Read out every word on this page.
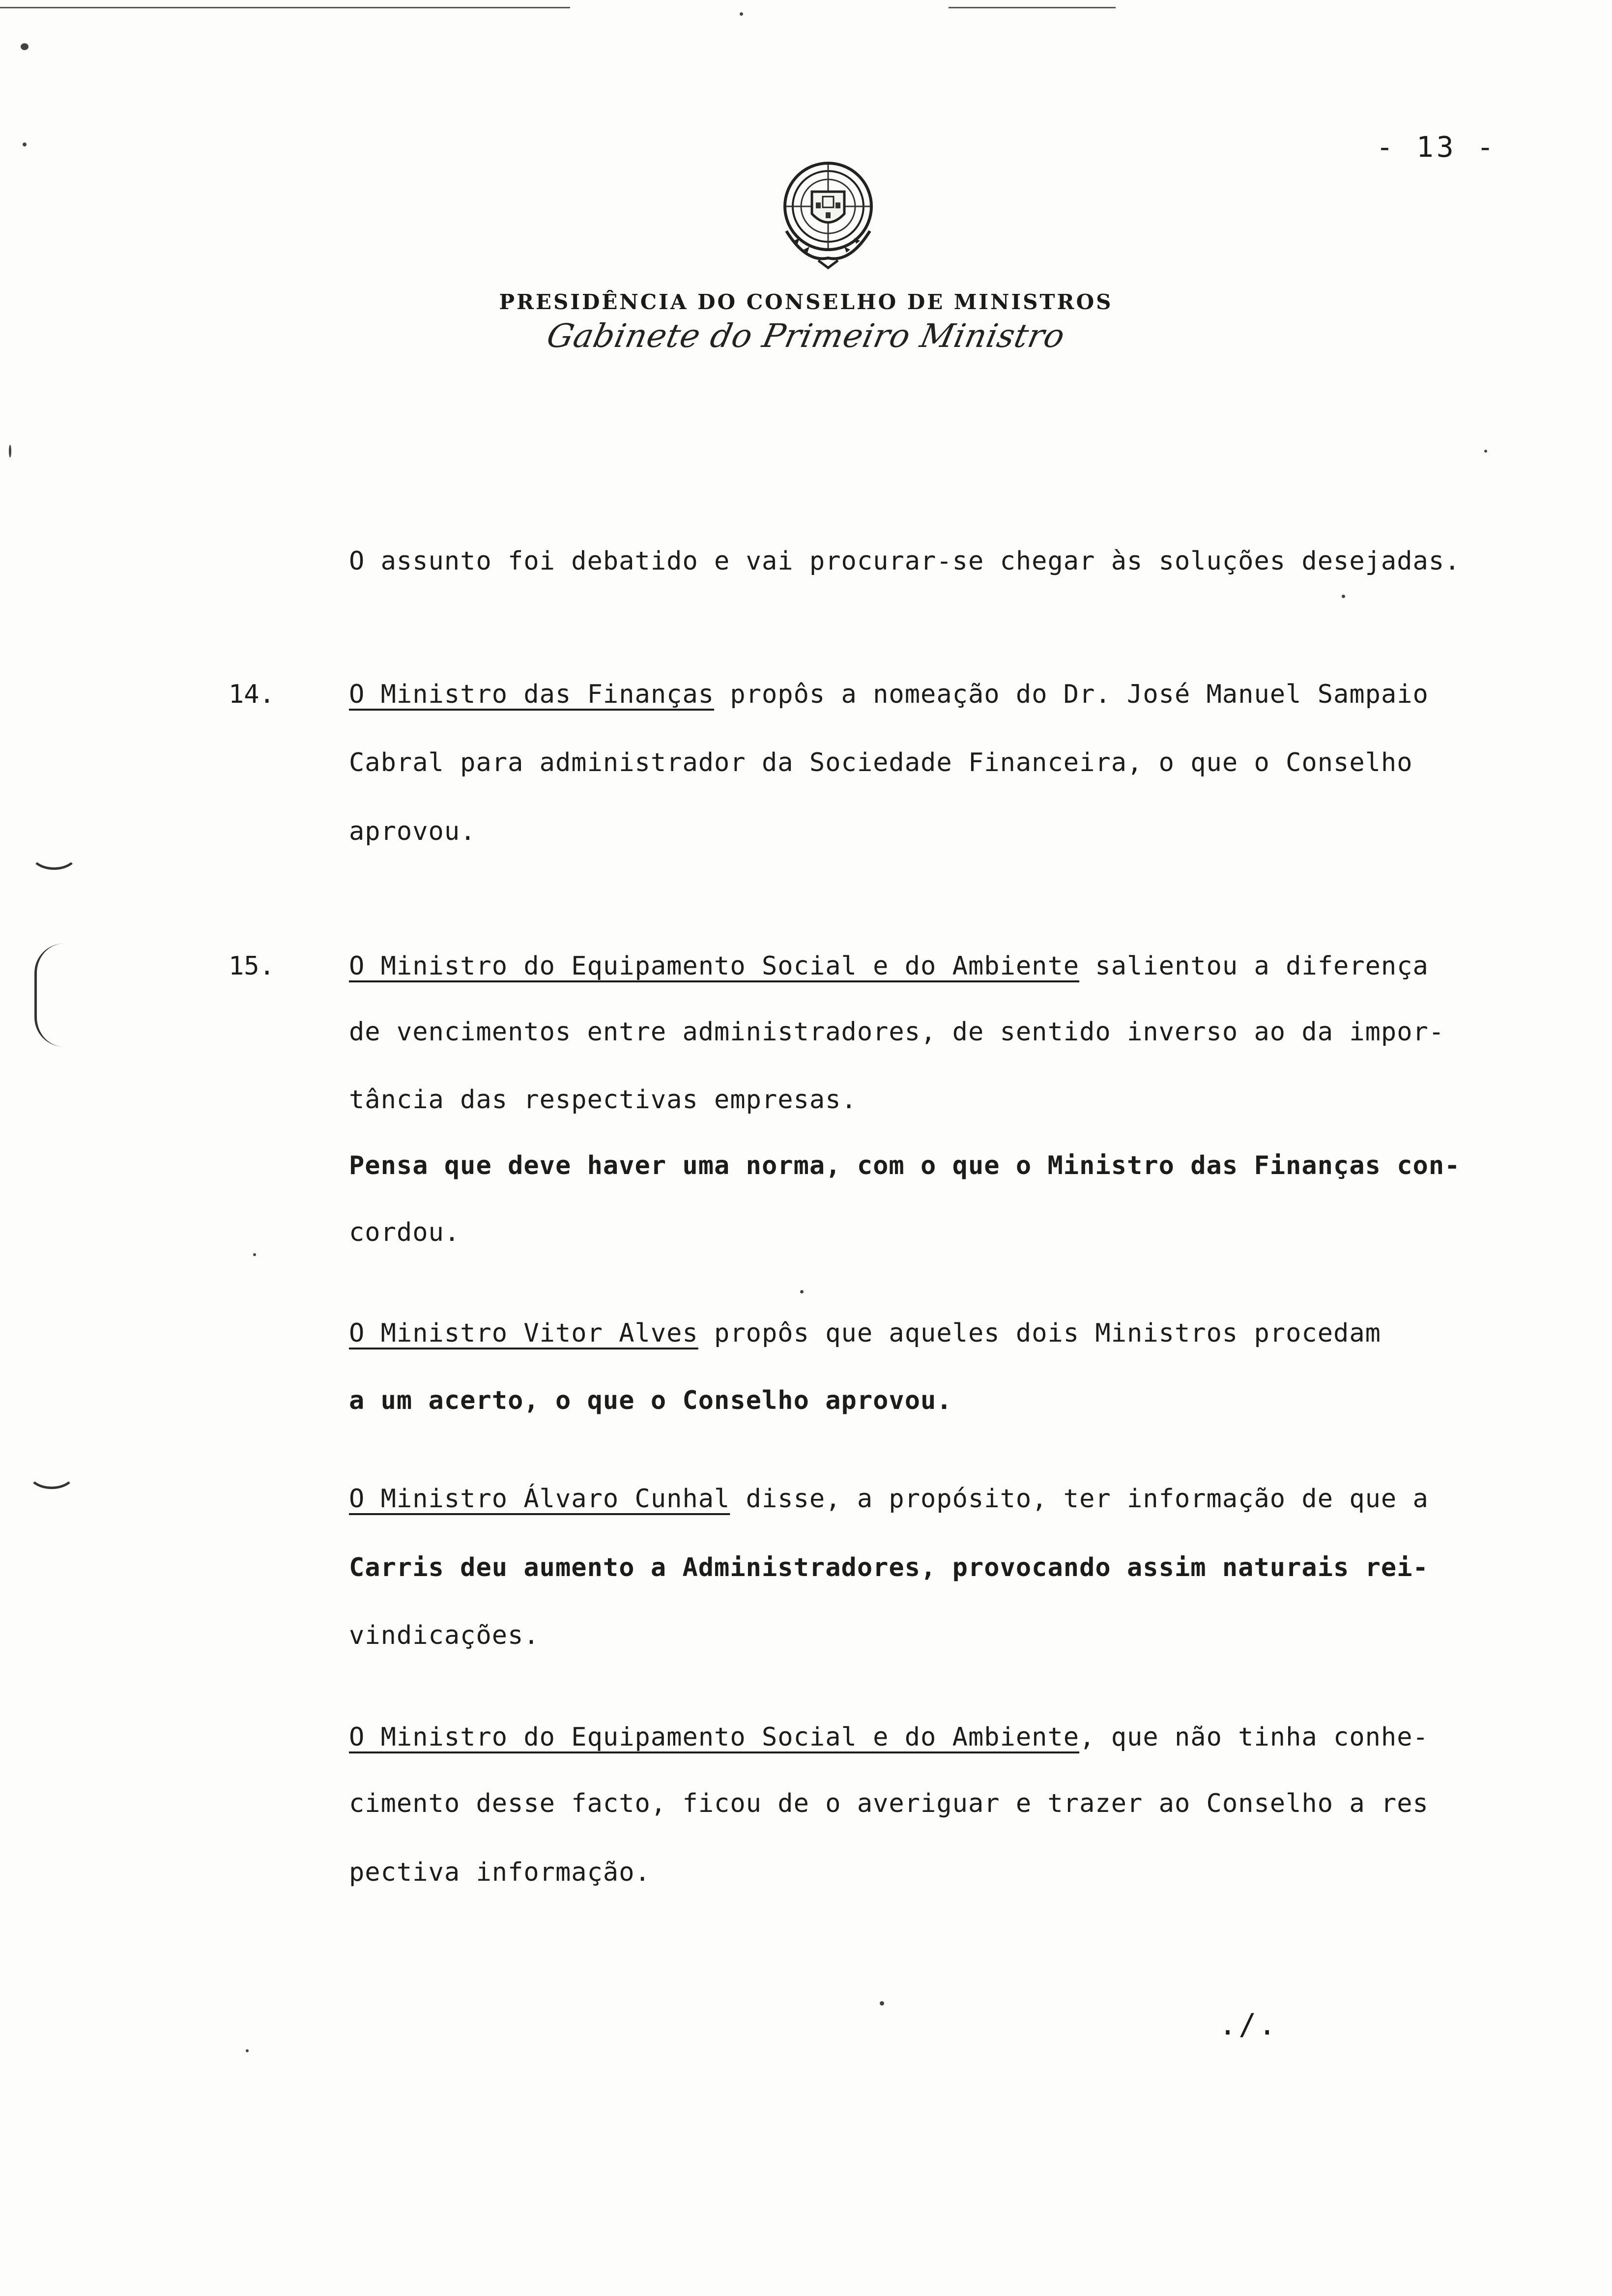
- 13 -
PRESIDÊNCIA DO CONSELHO DE MINISTROS
Gabinete do Primeiro Ministro
O assunto foi debatido e vai procurar-se chegar às soluções desejadas.
14.	O Ministro das Finanças propôs a nomeação do Dr. José Manuel Sampaio
Cabral para administrador da Sociedade Financeira, o que o Conselho
aprovou.
15.	O Ministro do Equipamento Social e do Ambiente salientou a diferença
de vencimentos entre administradores, de sentido inverso ao da impor-
tância das respectivas empresas.
Pensa que deve haver uma norma, com o que o Ministro das Finanças con-
cordou.
O Ministro Vitor Alves propôs que aqueles dois Ministros procedam
a um acerto, o que o Conselho aprovou.
O Ministro Álvaro Cunhal disse, a propósito, ter informação de que a
Carris deu aumento a Administradores, provocando assim naturais rei-
vindicações.
O Ministro do Equipamento Social e do Ambiente, que não tinha conhe-
cimento desse facto, ficou de o averiguar e trazer ao Conselho a res
pectiva informação.
./.
